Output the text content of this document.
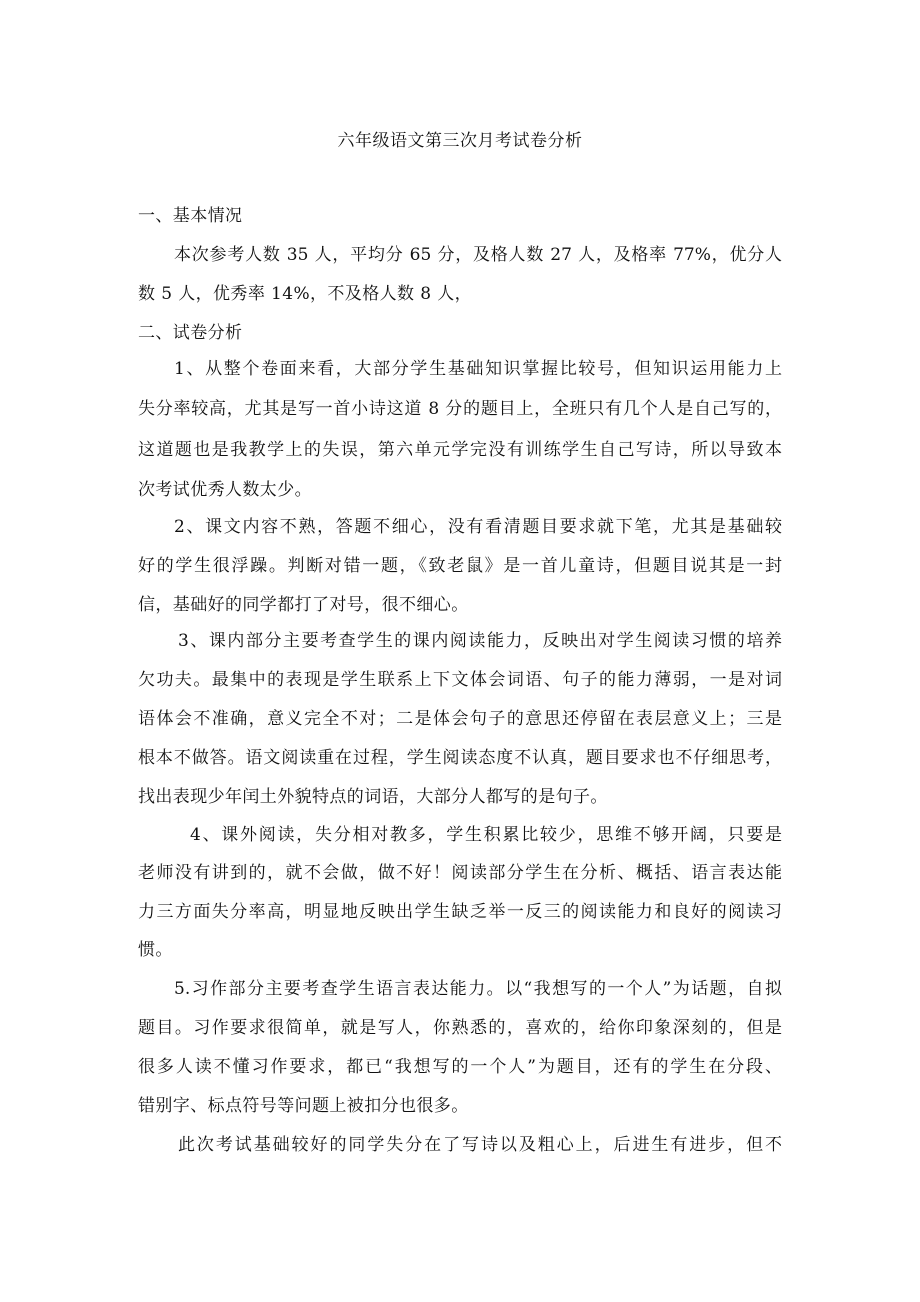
六年级语文第三次月考试卷分析
一、基本情况
本次参考人数 35 人，平均分 65 分，及格人数 27 人，及格率 77%，优分人
数 5 人，优秀率 14%，不及格人数 8 人，
二、试卷分析
1、从整个卷面来看，大部分学生基础知识掌握比较号，但知识运用能力上
失分率较高，尤其是写一首小诗这道 8 分的题目上，全班只有几个人是自己写的，
这道题也是我教学上的失误，第六单元学完没有训练学生自己写诗，所以导致本
次考试优秀人数太少。
2、课文内容不熟，答题不细心，没有看清题目要求就下笔，尤其是基础较
好的学生很浮躁。判断对错一题，《致老鼠》是一首儿童诗，但题目说其是一封
信，基础好的同学都打了对号，很不细心。
3、课内部分主要考查学生的课内阅读能力，反映出对学生阅读习惯的培养
欠功夫。最集中的表现是学生联系上下文体会词语、句子的能力薄弱，一是对词
语体会不准确，意义完全不对；二是体会句子的意思还停留在表层意义上；三是
根本不做答。语文阅读重在过程，学生阅读态度不认真，题目要求也不仔细思考，
找出表现少年闰土外貌特点的词语，大部分人都写的是句子。
4、课外阅读，失分相对教多，学生积累比较少，思维不够开阔，只要是
老师没有讲到的，就不会做，做不好！阅读部分学生在分析、概括、语言表达能
力三方面失分率高，明显地反映出学生缺乏举一反三的阅读能力和良好的阅读习
惯。
5.习作部分主要考查学生语言表达能力。以“我想写的一个人”为话题，自拟
题目。习作要求很简单，就是写人，你熟悉的，喜欢的，给你印象深刻的，但是
很多人读不懂习作要求，都已“我想写的一个人”为题目，还有的学生在分段、
错别字、标点符号等问题上被扣分也很多。
此次考试基础较好的同学失分在了写诗以及粗心上，后进生有进步，但不
